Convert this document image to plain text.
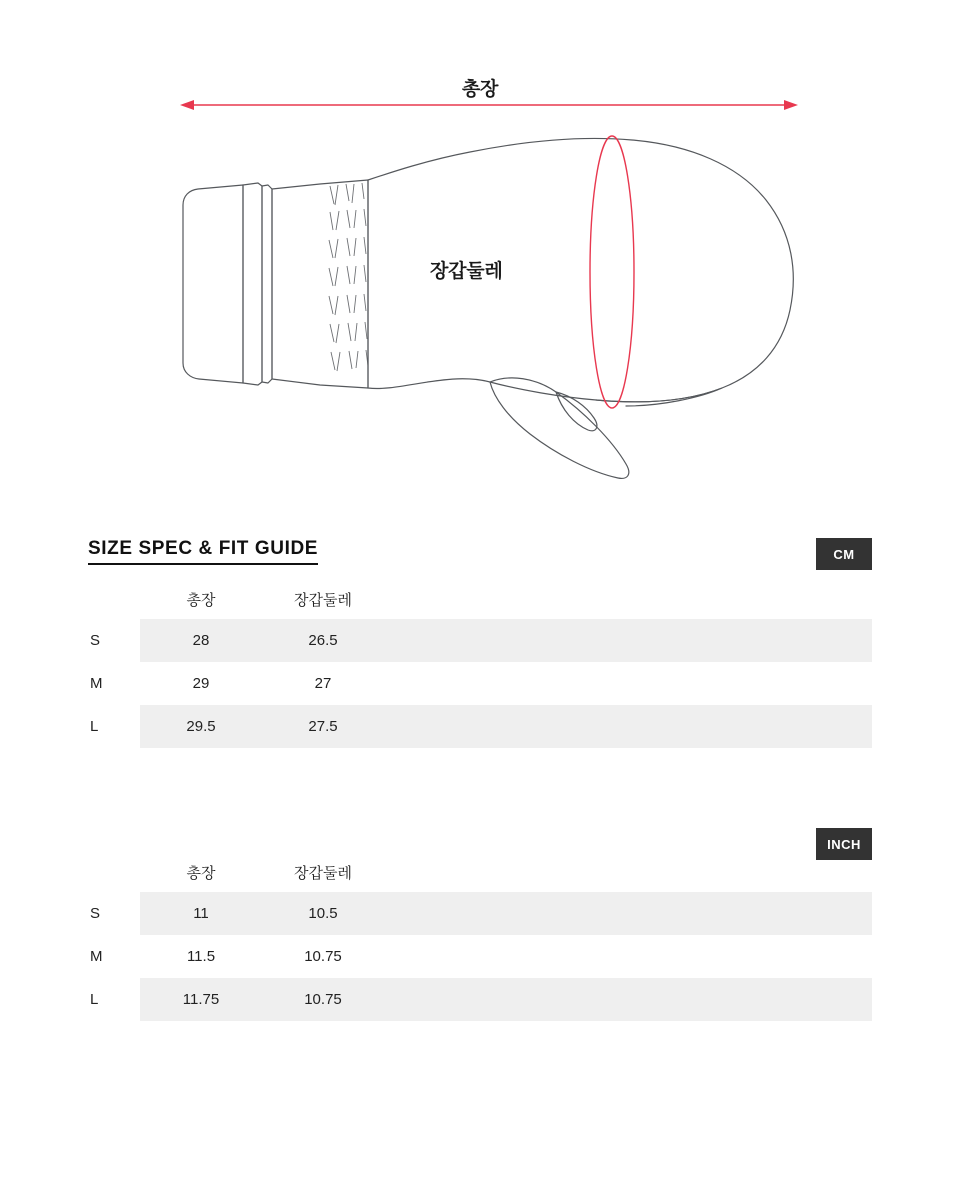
총장
장갑둘레
SIZE SPEC & FIT GUIDE	CM
	총장	장갑둘레				
S	28	26.5				
M	29	27				
L	29.5	27.5				
INCH
	총장	장갑둘레				
S	11	10.5				
M	11.5	10.75				
L	11.75	10.75				
